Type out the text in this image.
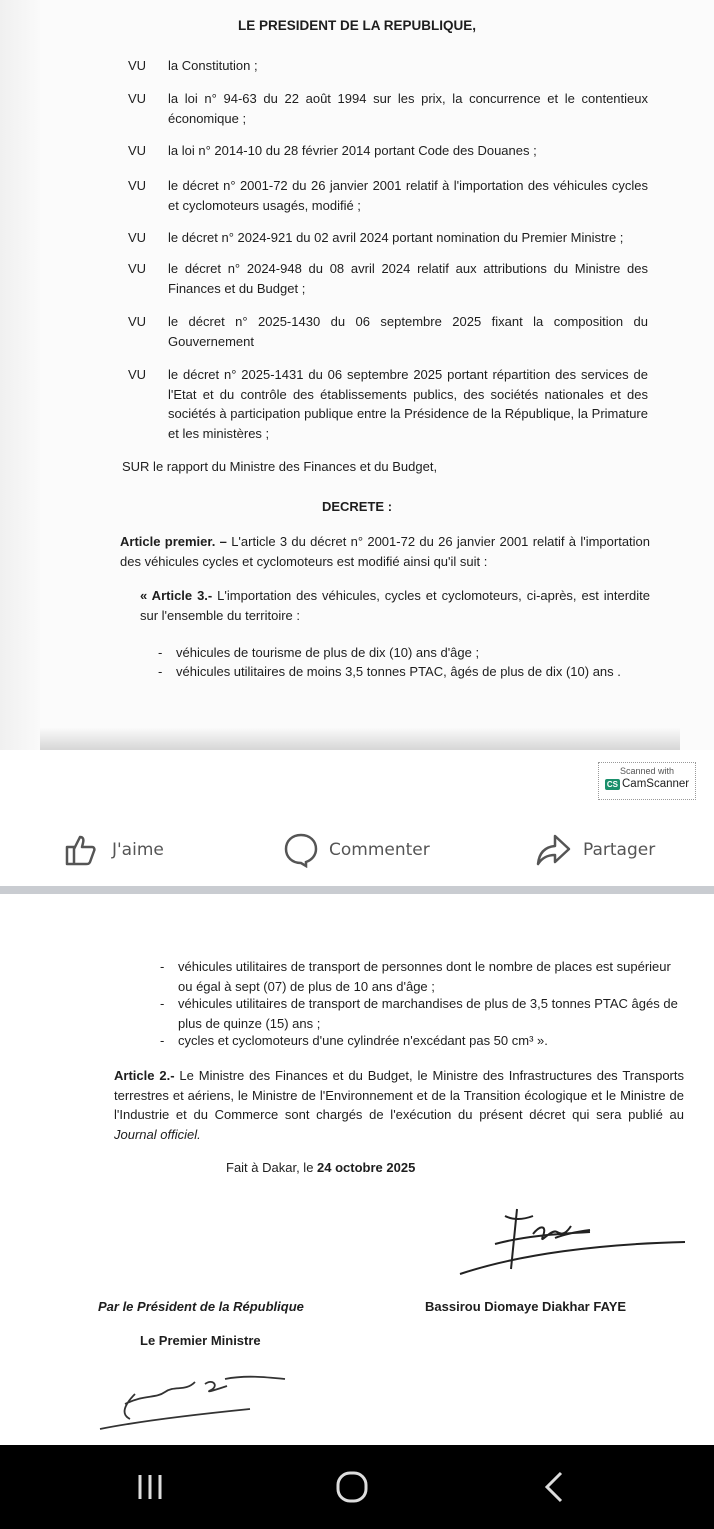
LE PRESIDENT DE LA REPUBLIQUE,
VU la Constitution ;
VU la loi n° 94-63 du 22 août 1994 sur les prix, la concurrence et le contentieux économique ;
VU la loi n° 2014-10 du 28 février 2014 portant Code des Douanes ;
VU le décret n° 2001-72 du 26 janvier 2001 relatif à l'importation des véhicules cycles et cyclomoteurs usagés, modifié ;
VU le décret n° 2024-921 du 02 avril 2024 portant nomination du Premier Ministre ;
VU le décret n° 2024-948 du 08 avril 2024 relatif aux attributions du Ministre des Finances et du Budget ;
VU le décret n° 2025-1430 du 06 septembre 2025 fixant la composition du Gouvernement
VU le décret n° 2025-1431 du 06 septembre 2025 portant répartition des services de l'Etat et du contrôle des établissements publics, des sociétés nationales et des sociétés à participation publique entre la Présidence de la République, la Primature et les ministères ;
SUR le rapport du Ministre des Finances et du Budget,
DECRETE :
Article premier. – L'article 3 du décret n° 2001-72 du 26 janvier 2001 relatif à l'importation des véhicules cycles et cyclomoteurs est modifié ainsi qu'il suit :
« Article 3.- L'importation des véhicules, cycles et cyclomoteurs, ci-après, est interdite sur l'ensemble du territoire :
- véhicules de tourisme de plus de dix (10) ans d'âge ;
- véhicules utilitaires de moins 3,5 tonnes PTAC, âgés de plus de dix (10) ans .
Scanned with
CS CamScanner
J'aime	Commenter	Partager
- véhicules utilitaires de transport de personnes dont le nombre de places est supérieur ou égal à sept (07) de plus de 10 ans d'âge ;
- véhicules utilitaires de transport de marchandises de plus de 3,5 tonnes PTAC âgés de plus de quinze (15) ans ;
- cycles et cyclomoteurs d'une cylindrée n'excédant pas 50 cm³ ».
Article 2.- Le Ministre des Finances et du Budget, le Ministre des Infrastructures des Transports terrestres et aériens, le Ministre de l'Environnement et de la Transition écologique et le Ministre de l'Industrie et du Commerce sont chargés de l'exécution du présent décret qui sera publié au Journal officiel.
Fait à Dakar, le 24 octobre 2025
Par le Président de la République	Bassirou Diomaye Diakhar FAYE
Le Premier Ministre
